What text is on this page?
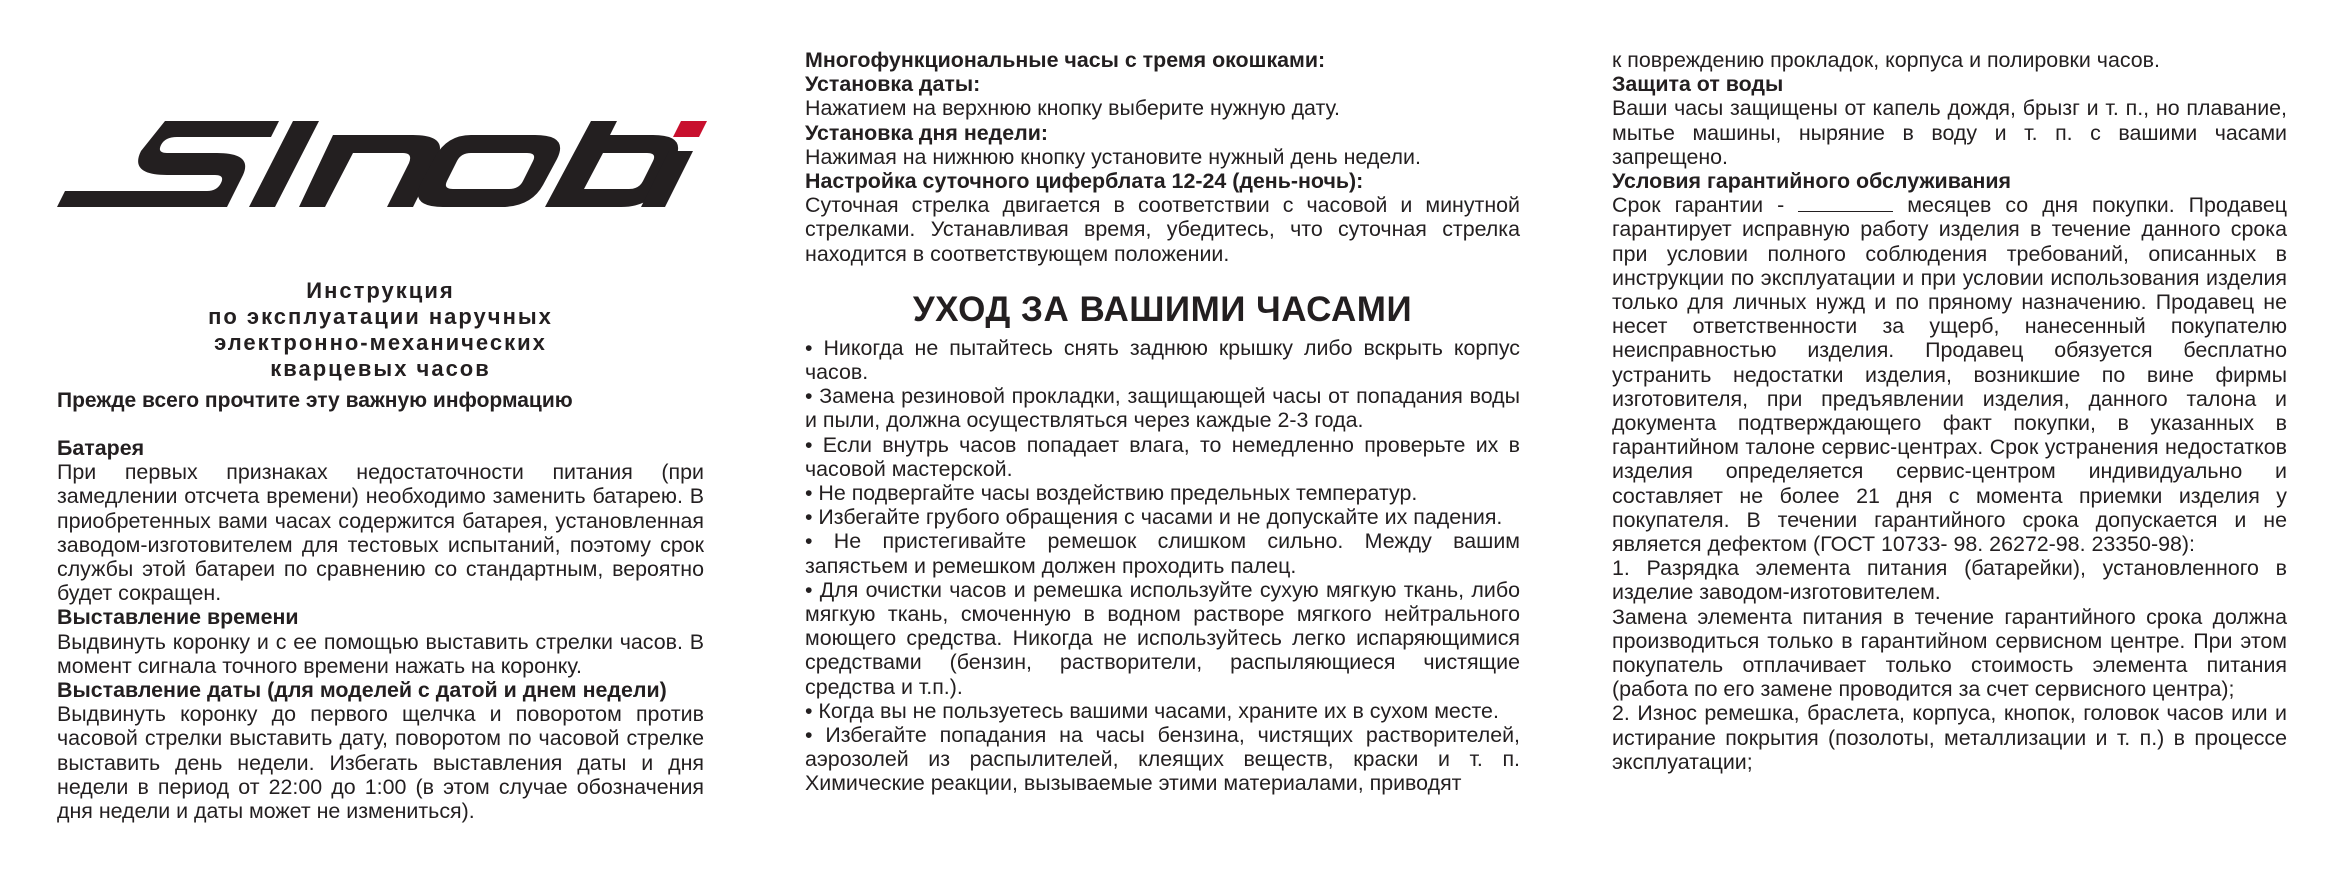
Инструкция
по эксплуатации наручных
электронно-механических
кварцевых часов
Прежде всего прочтите эту важную информацию

Батарея

При первых признаках недостаточности питания (при замедлении отсчета времени) необходимо заменить батарею. В приобретенных вами часах содержится батарея, установленная заводом-изготовителем для тестовых испытаний, поэтому срок службы этой батареи по сравнению со стандартным, вероятно будет сокращен.

Выставление времени

Выдвинуть коронку и с ее помощью выставить стрелки часов. В момент сигнала точного времени нажать на коронку.

Выставление даты (для моделей с датой и днем недели)

Выдвинуть коронку до первого щелчка и поворотом против часовой стрелки выставить дату, поворотом по часовой стрелке выставить день недели. Избегать выставления даты и дня недели в период от 22:00 до 1:00 (в этом случае обозначения дня недели и даты может не измениться).

Многофункциональные часы с тремя окошками:

Установка даты:

Нажатием на верхнюю кнопку выберите нужную дату.

Установка дня недели:

Нажимая на нижнюю кнопку установите нужный день недели.

Настройка суточного циферблата 12-24 (день-ночь):

Суточная стрелка двигается в соответствии с часовой и минутной стрелками. Устанавливая время, убедитесь, что суточная стрелка находится в соответствующем положении.

УХОД ЗА ВАШИМИ ЧАСАМИ

• Никогда не пытайтесь снять заднюю крышку либо вскрыть корпус часов.

• Замена резиновой прокладки, защищающей часы от попадания воды и пыли, должна осуществляться через каждые 2-3 года.

• Если внутрь часов попадает влага, то немедленно проверьте их в часовой мастерской.

• Не подвергайте часы воздействию предельных температур.

• Избегайте грубого обращения с часами и не допускайте их падения.

• Не пристегивайте ремешок слишком сильно. Между вашим запястьем и ремешком должен проходить палец.

• Для очистки часов и ремешка используйте сухую мягкую ткань, либо мягкую ткань, смоченную в водном растворе мягкого нейтрального моющего средства. Никогда не используйтесь легко испаряющимися средствами (бензин, растворители, распыляющиеся чистящие средства и т.п.).

• Когда вы не пользуетесь вашими часами, храните их в сухом месте.

• Избегайте попадания на часы бензина, чистящих растворителей, аэрозолей из распылителей, клеящих веществ, краски и т. п. Химические реакции, вызываемые этими материалами, приводят

к повреждению прокладок, корпуса и полировки часов.

Защита от воды

Ваши часы защищены от капель дождя, брызг и т. п., но плавание, мытье машины, ныряние в воду и т. п. с вашими часами запрещено.

Условия гарантийного обслуживания

Срок гарантии -	месяцев со дня покупки. Продавец гарантирует исправную работу изделия в течение данного срока при условии полного соблюдения требований, описанных в инструкции по эксплуатации и при условии использования изделия только для личных нужд и по пряному назначению. Продавец не несет ответственности за ущерб, нанесенный покупателю неисправностью изделия. Продавец обязуется бесплатно устранить недостатки изделия, возникшие по вине фирмы изготовителя, при предъявлении изделия, данного талона и документа подтверждающего факт покупки, в указанных в гарантийном талоне сервис-центрах. Срок устранения недостатков изделия определяется сервис-центром индивидуально и составляет не более 21 дня с момента приемки изделия у покупателя. В течении гарантийного срока допускается и не является дефектом (ГОСТ 10733- 98. 26272-98. 23350-98):

1. Разрядка элемента питания (батарейки), установленного в изделие заводом-изготовителем.

Замена элемента питания в течение гарантийного срока должна производиться только в гарантийном сервисном центре. При этом покупатель отплачивает только стоимость элемента питания (работа по его замене проводится за счет сервисного центра);

2. Износ ремешка, браслета, корпуса, кнопок, головок часов или и истирание покрытия (позолоты, металлизации и т. п.) в процессе эксплуатации;
